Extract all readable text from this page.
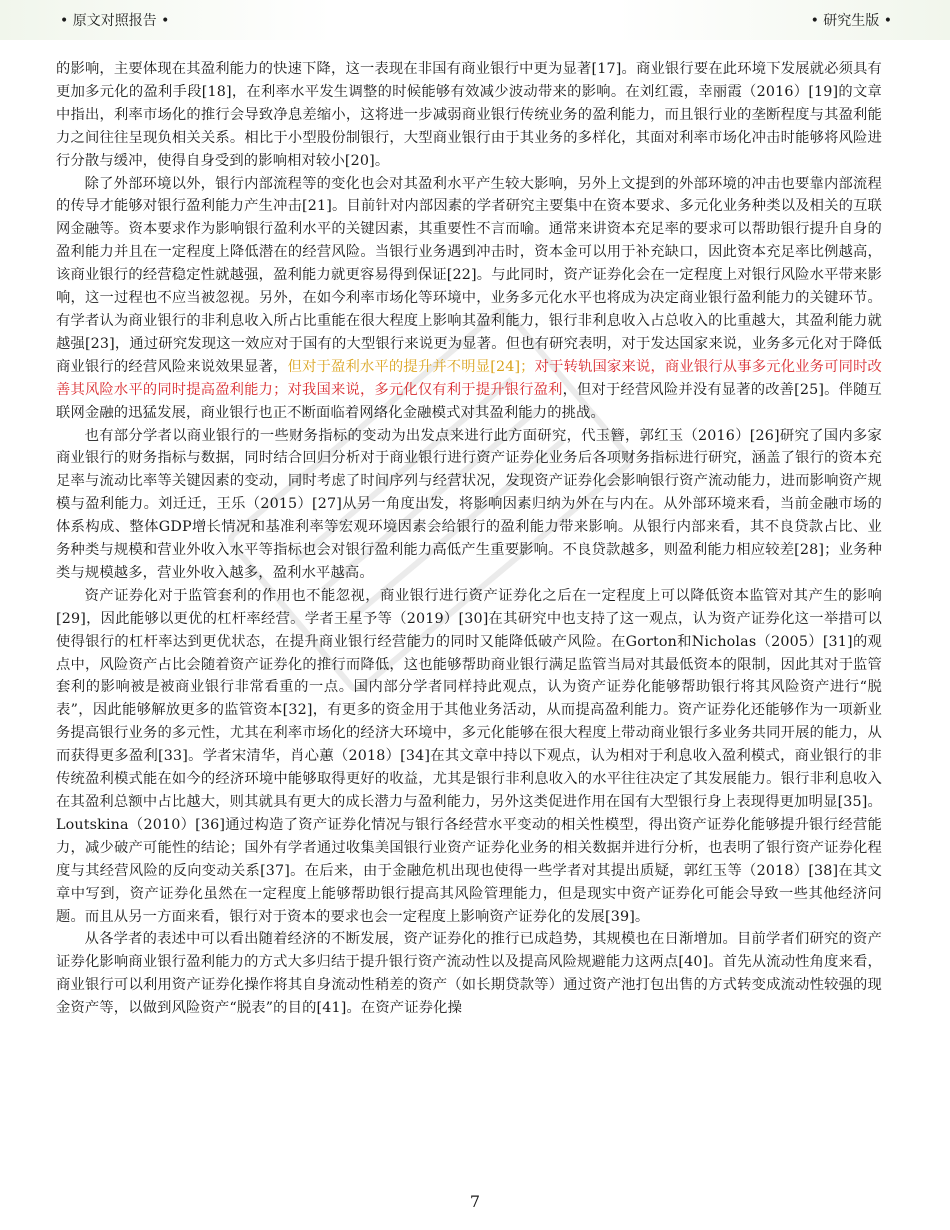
• 原文对照报告 •	• 研究生版 •

的影响，主要体现在其盈利能力的快速下降，这一表现在非国有商业银行中更为显著[17]。商业银行要在此环境下发展就必须具有更加多元化的盈利手段[18]，在利率水平发生调整的时候能够有效减少波动带来的影响。在刘红霞，幸丽霞（2016）[19]的文章中指出，利率市场化的推行会导致净息差缩小，这将进一步减弱商业银行传统业务的盈利能力，而且银行业的垄断程度与其盈利能力之间往往呈现负相关关系。相比于小型股份制银行，大型商业银行由于其业务的多样化，其面对利率市场化冲击时能够将风险进行分散与缓冲，使得自身受到的影响相对较小[20]。

除了外部环境以外，银行内部流程等的变化也会对其盈利水平产生较大影响，另外上文提到的外部环境的冲击也要靠内部流程的传导才能够对银行盈利能力产生冲击[21]。目前针对内部因素的学者研究主要集中在资本要求、多元化业务种类以及相关的互联网金融等。资本要求作为影响银行盈利水平的关键因素，其重要性不言而喻。通常来讲资本充足率的要求可以帮助银行提升自身的盈利能力并且在一定程度上降低潜在的经营风险。当银行业务遇到冲击时，资本金可以用于补充缺口，因此资本充足率比例越高，该商业银行的经营稳定性就越强，盈利能力就更容易得到保证[22]。与此同时，资产证券化会在一定程度上对银行风险水平带来影响，这一过程也不应当被忽视。另外，在如今利率市场化等环境中，业务多元化水平也将成为决定商业银行盈利能力的关键环节。有学者认为商业银行的非利息收入所占比重能在很大程度上影响其盈利能力，银行非利息收入占总收入的比重越大，其盈利能力就越强[23]，通过研究发现这一效应对于国有的大型银行来说更为显著。但也有研究表明，对于发达国家来说，业务多元化对于降低商业银行的经营风险来说效果显著，但对于盈利水平的提升并不明显[24]；对于转轨国家来说，商业银行从事多元化业务可同时改善其风险水平的同时提高盈利能力；对我国来说，多元化仅有利于提升银行盈利，但对于经营风险并没有显著的改善[25]。伴随互联网金融的迅猛发展，商业银行也正不断面临着网络化金融模式对其盈利能力的挑战。

也有部分学者以商业银行的一些财务指标的变动为出发点来进行此方面研究，代玉簪，郭红玉（2016）[26]研究了国内多家商业银行的财务指标与数据，同时结合回归分析对于商业银行进行资产证券化业务后各项财务指标进行研究，涵盖了银行的资本充足率与流动比率等关键因素的变动，同时考虑了时间序列与经营状况，发现资产证券化会影响银行资产流动能力，进而影响资产规模与盈利能力。刘迁迁，王乐（2015）[27]从另一角度出发，将影响因素归纳为外在与内在。从外部环境来看，当前金融市场的体系构成、整体GDP增长情况和基准利率等宏观环境因素会给银行的盈利能力带来影响。从银行内部来看，其不良贷款占比、业务种类与规模和营业外收入水平等指标也会对银行盈利能力高低产生重要影响。不良贷款越多，则盈利能力相应较差[28]；业务种类与规模越多，营业外收入越多，盈利水平越高。

资产证券化对于监管套利的作用也不能忽视，商业银行进行资产证券化之后在一定程度上可以降低资本监管对其产生的影响[29]，因此能够以更优的杠杆率经营。学者王星予等（2019）[30]在其研究中也支持了这一观点，认为资产证券化这一举措可以使得银行的杠杆率达到更优状态，在提升商业银行经营能力的同时又能降低破产风险。在Gorton和Nicholas（2005）[31]的观点中，风险资产占比会随着资产证券化的推行而降低，这也能够帮助商业银行满足监管当局对其最低资本的限制，因此其对于监管套利的影响被是被商业银行非常看重的一点。国内部分学者同样持此观点，认为资产证券化能够帮助银行将其风险资产进行“脱表”，因此能够解放更多的监管资本[32]，有更多的资金用于其他业务活动，从而提高盈利能力。资产证券化还能够作为一项新业务提高银行业务的多元性，尤其在利率市场化的经济大环境中，多元化能够在很大程度上带动商业银行多业务共同开展的能力，从而获得更多盈利[33]。学者宋清华，肖心蕙（2018）[34]在其文章中持以下观点，认为相对于利息收入盈利模式，商业银行的非传统盈利模式能在如今的经济环境中能够取得更好的收益，尤其是银行非利息收入的水平往往决定了其发展能力。银行非利息收入在其盈利总额中占比越大，则其就具有更大的成长潜力与盈利能力，另外这类促进作用在国有大型银行身上表现得更加明显[35]。Loutskina（2010）[36]通过构造了资产证券化情况与银行各经营水平变动的相关性模型，得出资产证券化能够提升银行经营能力，减少破产可能性的结论；国外有学者通过收集美国银行业资产证券化业务的相关数据并进行分析，也表明了银行资产证券化程度与其经营风险的反向变动关系[37]。在后来，由于金融危机出现也使得一些学者对其提出质疑，郭红玉等（2018）[38]在其文章中写到，资产证券化虽然在一定程度上能够帮助银行提高其风险管理能力，但是现实中资产证券化可能会导致一些其他经济问题。而且从另一方面来看，银行对于资本的要求也会一定程度上影响资产证券化的发展[39]。

从各学者的表述中可以看出随着经济的不断发展，资产证券化的推行已成趋势，其规模也在日渐增加。目前学者们研究的资产证券化影响商业银行盈利能力的方式大多归结于提升银行资产流动性以及提高风险规避能力这两点[40]。首先从流动性角度来看，商业银行可以利用资产证券化操作将其自身流动性稍差的资产（如长期贷款等）通过资产池打包出售的方式转变成流动性较强的现金资产等，以做到风险资产“脱表”的目的[41]。在资产证券化操

7
